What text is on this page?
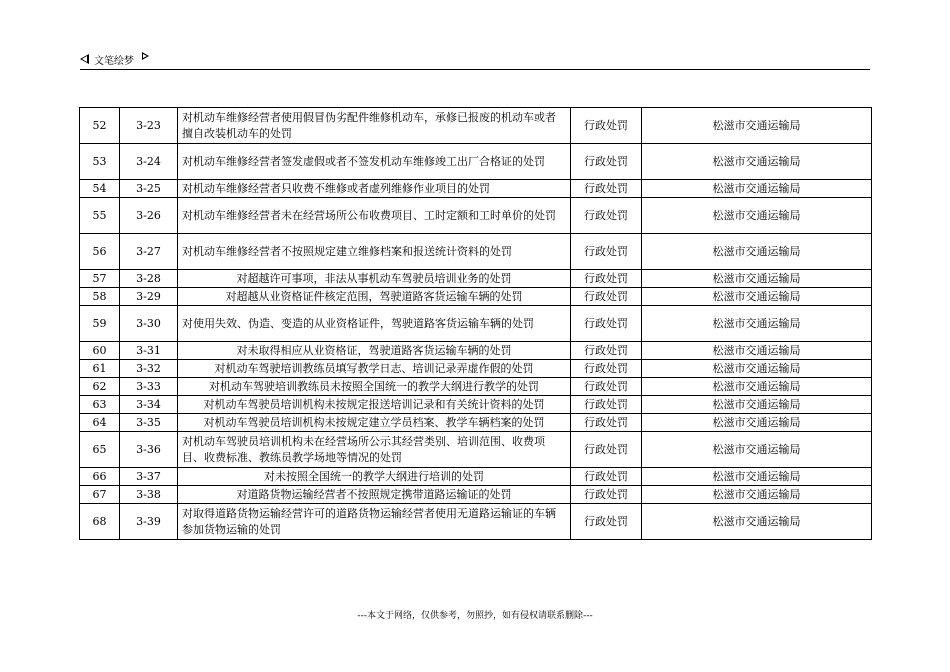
文笔绘梦
52	3-23	对机动车维修经营者使用假冒伪劣配件维修机动车，承修已报废的机动车或者擅自改装机动车的处罚	行政处罚	松滋市交通运输局
53	3-24	对机动车维修经营者签发虚假或者不签发机动车维修竣工出厂合格证的处罚	行政处罚	松滋市交通运输局
54	3-25	对机动车维修经营者只收费不维修或者虚列维修作业项目的处罚	行政处罚	松滋市交通运输局
55	3-26	对机动车维修经营者未在经营场所公布收费项目、工时定额和工时单价的处罚	行政处罚	松滋市交通运输局
56	3-27	对机动车维修经营者不按照规定建立维修档案和报送统计资料的处罚	行政处罚	松滋市交通运输局
57	3-28	对超越许可事项，非法从事机动车驾驶员培训业务的处罚	行政处罚	松滋市交通运输局
58	3-29	对超越从业资格证件核定范围，驾驶道路客货运输车辆的处罚	行政处罚	松滋市交通运输局
59	3-30	对使用失效、伪造、变造的从业资格证件，驾驶道路客货运输车辆的处罚	行政处罚	松滋市交通运输局
60	3-31	对未取得相应从业资格证，驾驶道路客货运输车辆的处罚	行政处罚	松滋市交通运输局
61	3-32	对机动车驾驶培训教练员填写教学日志、培训记录弄虚作假的处罚	行政处罚	松滋市交通运输局
62	3-33	对机动车驾驶培训教练员未按照全国统一的教学大纲进行教学的处罚	行政处罚	松滋市交通运输局
63	3-34	对机动车驾驶员培训机构未按规定报送培训记录和有关统计资料的处罚	行政处罚	松滋市交通运输局
64	3-35	对机动车驾驶员培训机构未按规定建立学员档案、教学车辆档案的处罚	行政处罚	松滋市交通运输局
65	3-36	对机动车驾驶员培训机构未在经营场所公示其经营类别、培训范围、收费项目、收费标准、教练员教学场地等情况的处罚	行政处罚	松滋市交通运输局
66	3-37	对未按照全国统一的教学大纲进行培训的处罚	行政处罚	松滋市交通运输局
67	3-38	对道路货物运输经营者不按照规定携带道路运输证的处罚	行政处罚	松滋市交通运输局
68	3-39	对取得道路货物运输经营许可的道路货物运输经营者使用无道路运输证的车辆参加货物运输的处罚	行政处罚	松滋市交通运输局
---本文于网络，仅供参考，勿照抄，如有侵权请联系删除---
